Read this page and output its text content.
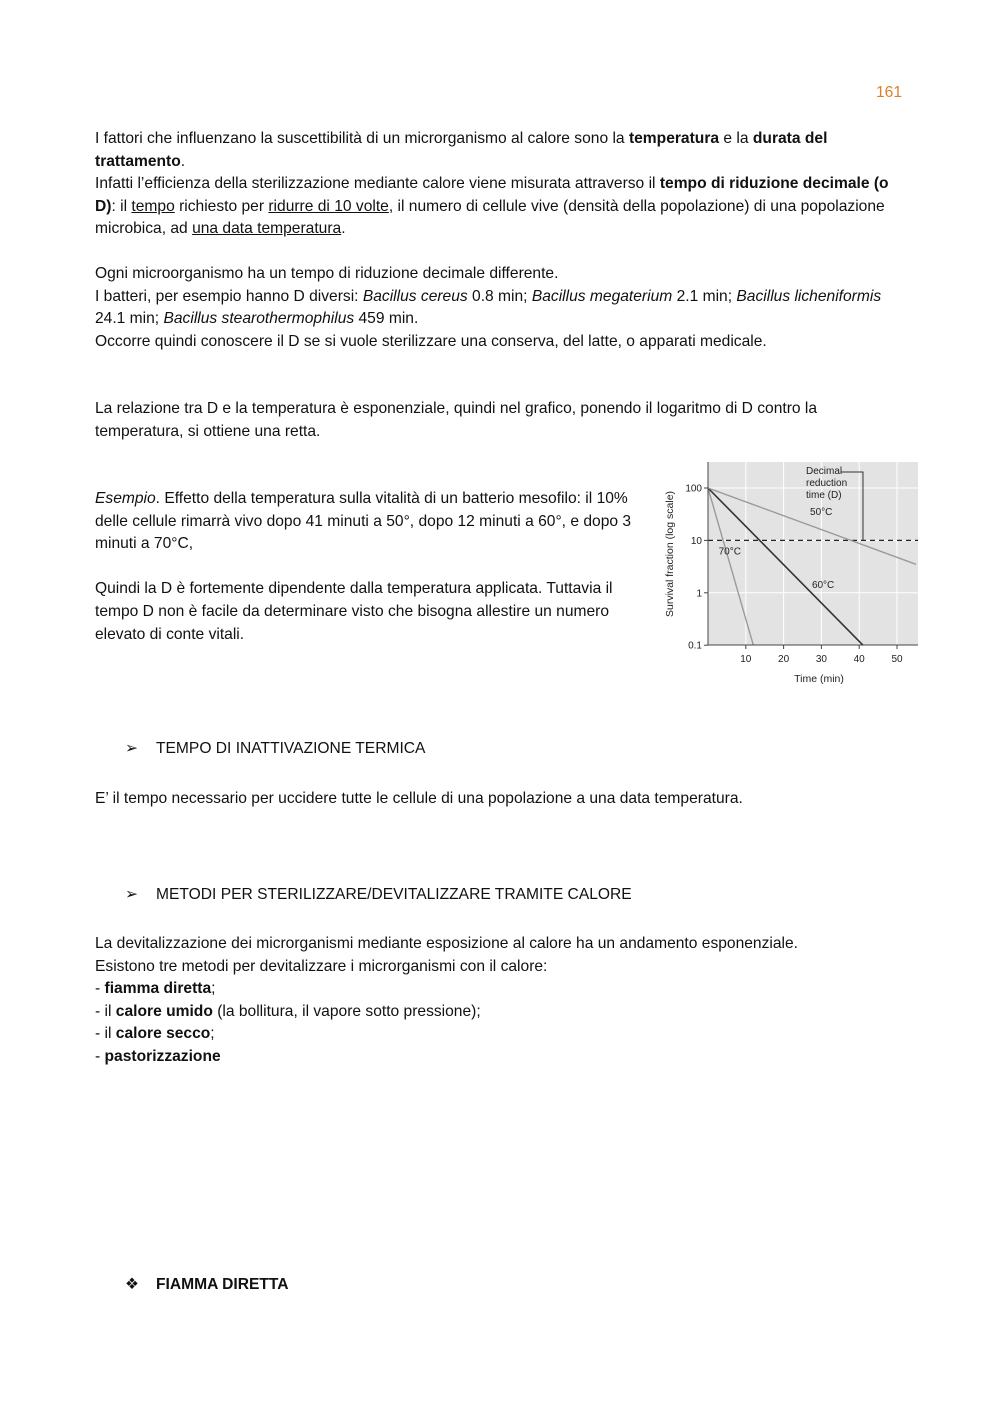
161

I fattori che influenzano la suscettibilità di un microrganismo al calore sono la temperatura e la durata del trattamento.
Infatti l’efficienza della sterilizzazione mediante calore viene misurata attraverso il tempo di riduzione decimale (o D): il tempo richiesto per ridurre di 10 volte, il numero di cellule vive (densità della popolazione) di una popolazione microbica, ad una data temperatura.

Ogni microorganismo ha un tempo di riduzione decimale differente.
I batteri, per esempio hanno D diversi: Bacillus cereus 0.8 min; Bacillus megaterium 2.1 min; Bacillus licheniformis 24.1 min; Bacillus stearothermophilus 459 min.
Occorre quindi conoscere il D se si vuole sterilizzare una conserva, del latte, o apparati medicale.

La relazione tra D e la temperatura è esponenziale, quindi nel grafico, ponendo il logaritmo di D contro la temperatura, si ottiene una retta.

Esempio. Effetto della temperatura sulla vitalità di un batterio mesofilo: il 10% delle cellule rimarrà vivo dopo 41 minuti a 50°, dopo 12 minuti a 60°, e dopo 3 minuti a 70°C,

Quindi la D è fortemente dipendente dalla temperatura applicata. Tuttavia il tempo D non è facile da determinare visto che bisogna allestire un numero elevato di conte vitali.

10	20	30	40	50
100
10
1
0.1
70°C
60°C
50°C
Decimal
reduction
time (D)
Time (min)
Survival fraction (log scale)
➢ TEMPO DI INATTIVAZIONE TERMICA

E’ il tempo necessario per uccidere tutte le cellule di una popolazione a una data temperatura.

➢ METODI PER STERILIZZARE/DEVITALIZZARE TRAMITE CALORE

La devitalizzazione dei microrganismi mediante esposizione al calore ha un andamento esponenziale.
Esistono tre metodi per devitalizzare i microrganismi con il calore:
- fiamma diretta;
- il calore umido (la bollitura, il vapore sotto pressione);
- il calore secco;
- pastorizzazione

❖ FIAMMA DIRETTA
